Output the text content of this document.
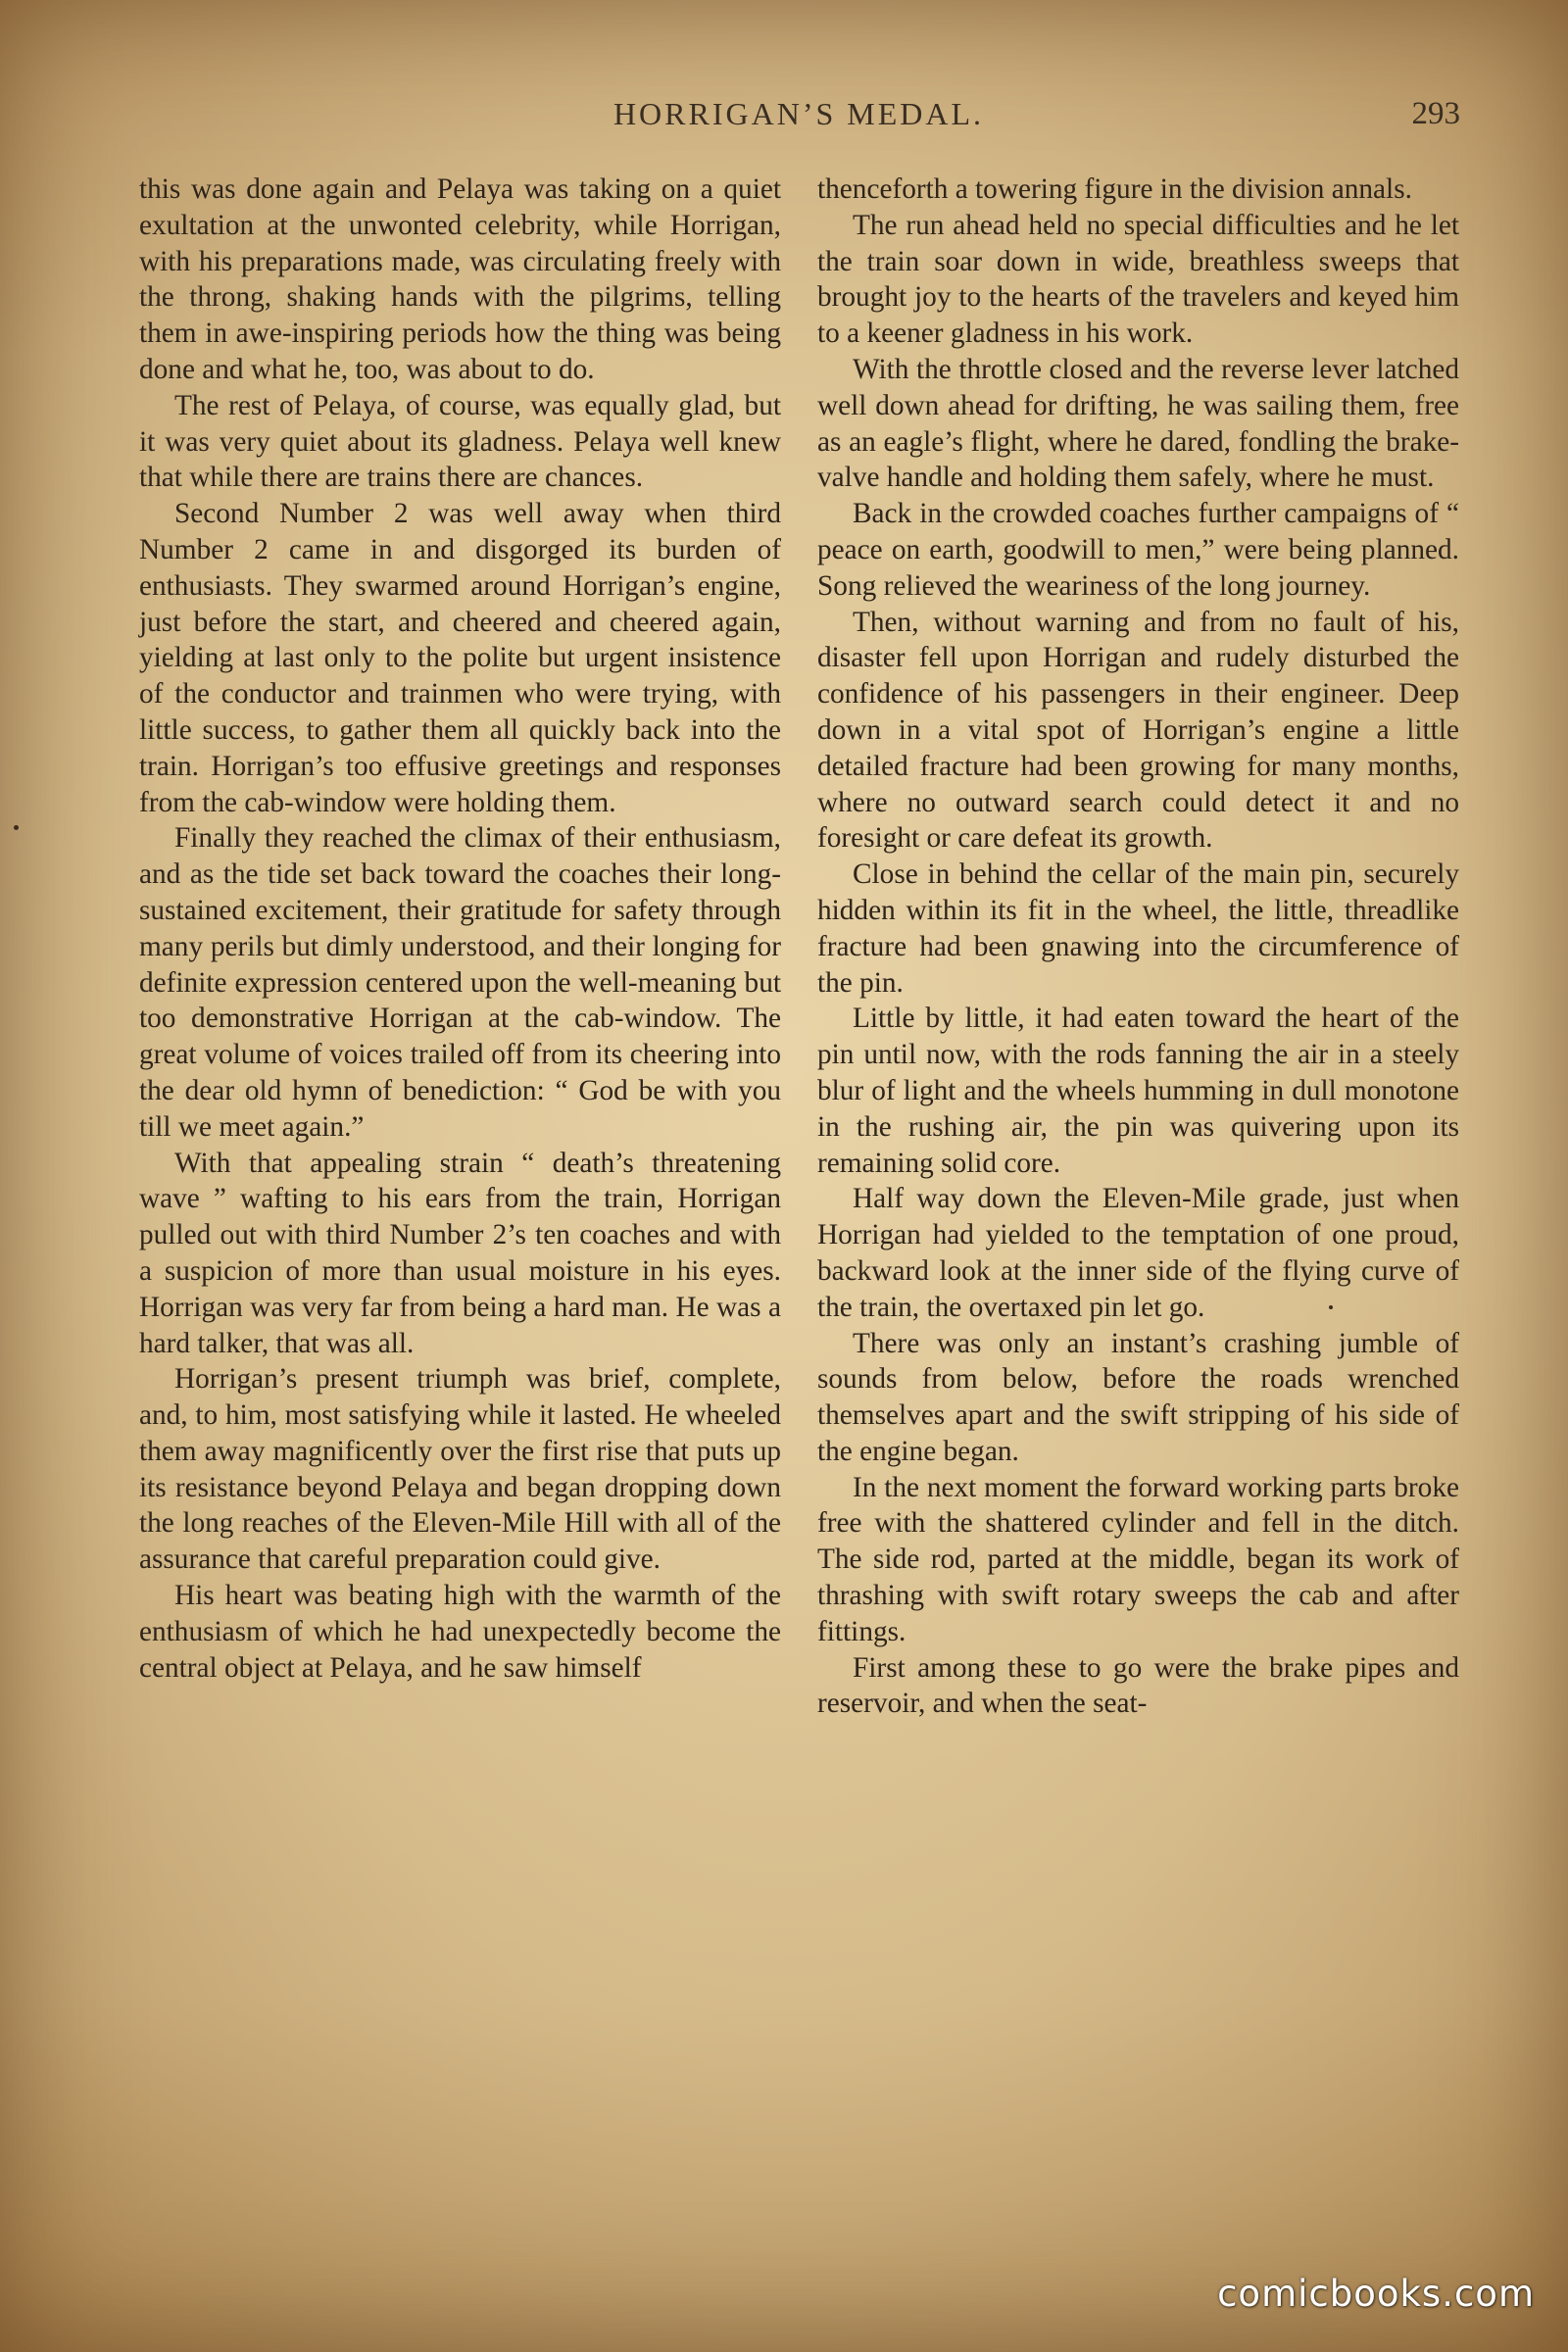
HORRIGAN’S MEDAL.	293

this was done again and Pelaya was taking on a quiet exultation at the unwonted celebrity, while Horrigan, with his preparations made, was circulating freely with the throng, shaking hands with the pilgrims, telling them in awe-inspiring periods how the thing was being done and what he, too, was about to do.

The rest of Pelaya, of course, was equally glad, but it was very quiet about its gladness. Pelaya well knew that while there are trains there are chances.

Second Number 2 was well away when third Number 2 came in and disgorged its burden of enthusiasts. They swarmed around Horrigan’s engine, just before the start, and cheered and cheered again, yielding at last only to the polite but urgent insistence of the conductor and trainmen who were trying, with little success, to gather them all quickly back into the train. Horrigan’s too effusive greetings and responses from the cab-window were holding them.

Finally they reached the climax of their enthusiasm, and as the tide set back toward the coaches their long-sustained excitement, their gratitude for safety through many perils but dimly understood, and their longing for definite expression centered upon the well-meaning but too demonstrative Horrigan at the cab-window. The great volume of voices trailed off from its cheering into the dear old hymn of benediction: “ God be with you till we meet again.”

With that appealing strain “ death’s threatening wave ” wafting to his ears from the train, Horrigan pulled out with third Number 2’s ten coaches and with a suspicion of more than usual moisture in his eyes. Horrigan was very far from being a hard man. He was a hard talker, that was all.

Horrigan’s present triumph was brief, complete, and, to him, most satisfying while it lasted. He wheeled them away magnificently over the first rise that puts up its resistance beyond Pelaya and began dropping down the long reaches of the Eleven-Mile Hill with all of the assurance that careful preparation could give.

His heart was beating high with the warmth of the enthusiasm of which he had unexpectedly become the central object at Pelaya, and he saw himself

thenceforth a towering figure in the division annals.

The run ahead held no special difficulties and he let the train soar down in wide, breathless sweeps that brought joy to the hearts of the travelers and keyed him to a keener gladness in his work.

With the throttle closed and the reverse lever latched well down ahead for drifting, he was sailing them, free as an eagle’s flight, where he dared, fondling the brake-valve handle and holding them safely, where he must.

Back in the crowded coaches further campaigns of “ peace on earth, goodwill to men,” were being planned. Song relieved the weariness of the long journey.

Then, without warning and from no fault of his, disaster fell upon Horrigan and rudely disturbed the confidence of his passengers in their engineer. Deep down in a vital spot of Horrigan’s engine a little detailed fracture had been growing for many months, where no outward search could detect it and no foresight or care defeat its growth.

Close in behind the cellar of the main pin, securely hidden within its fit in the wheel, the little, threadlike fracture had been gnawing into the circumference of the pin.

Little by little, it had eaten toward the heart of the pin until now, with the rods fanning the air in a steely blur of light and the wheels humming in dull monotone in the rushing air, the pin was quivering upon its remaining solid core.

Half way down the Eleven-Mile grade, just when Horrigan had yielded to the temptation of one proud, backward look at the inner side of the flying curve of the train, the overtaxed pin let go.

There was only an instant’s crashing jumble of sounds from below, before the roads wrenched themselves apart and the swift stripping of his side of the engine began.

In the next moment the forward working parts broke free with the shattered cylinder and fell in the ditch. The side rod, parted at the middle, began its work of thrashing with swift rotary sweeps the cab and after fittings.

First among these to go were the brake pipes and reservoir, and when the seat-

comicbooks.com
